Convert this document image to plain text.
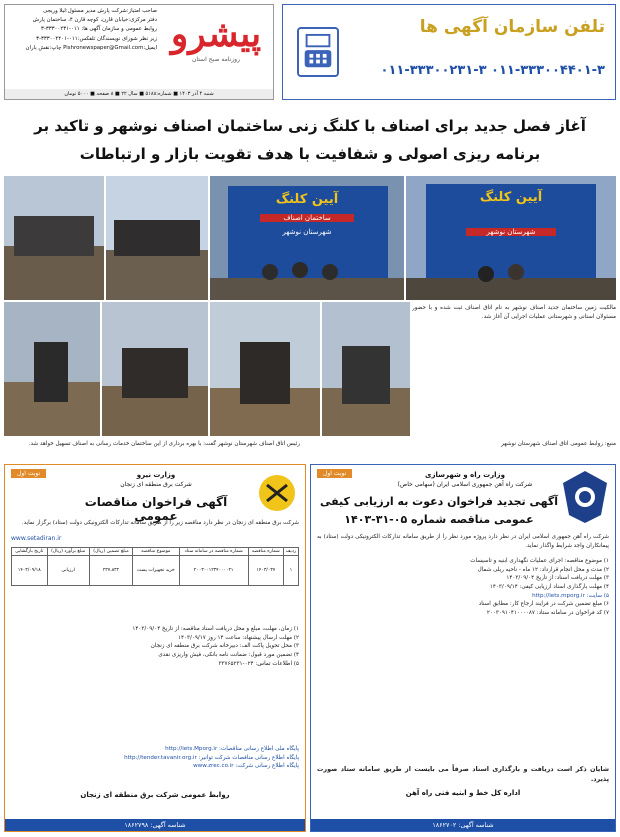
صاحب امتیاز:شرکت پارش مدیر مسئول:لیلا وریجی
دفتر مرکزی:خیابان قارن، کوچه قارن ۴، ساختمان پارش
روابط عمومی و سازمان آگهی ها: ۰۱۱-۳۳۳۰۰۲۳۱-۳
زیر نظر شورای نویسندگان تلفکس:۰۱۱-۳۳۳۰۰۴۴۰۱-۳
ایمیل:Pishronewspaper@Gmail.com چاپ:نقش باران پیشرو
روزنامه صبح استان
شنبه ۴ آذر ۱۴۰۳ ■ شماره:۵۱۸۸ ■ سال ۲۲ ■ ۸ صفحه ■ ۵۰۰۰ تومان
تلفن سازمان آگهی ها
۰۱۱-۳۳۳۰۰۲۳۱-۳ ۰۱۱-۳۳۳۰۰۴۴۰۱-۳
آغاز فصل جدید برای اصناف با کلنگ زنی ساختمان اصناف نوشهر و تاکید بر
برنامه ریزی اصولی و شفافیت با هدف تقویت بازار و ارتباطات
آیین کلنگ
ساختمان اصناف
شهرستان نوشهر
آیین کلنگ
شهرستان نوشهر
مالکیت زمین ساختمان جدید اصناف نوشهر به نام اتاق اصناف ثبت شده و با حضور مسئولان استانی و شهرستانی عملیات اجرایی آن آغاز شد.
رئیس اتاق اصناف شهرستان نوشهر گفت: با بهره برداری از این ساختمان خدمات رسانی به اصناف تسهیل خواهد شد.	منبع: روابط عمومی اتاق اصناف شهرستان نوشهر
نوبت اول	وزارت راه و شهرسازی
شرکت راه آهن جمهوری اسلامی ایران (سهامی خاص)
آگهی تجدید فراخوان دعوت به ارزیابی کیفی
عمومی مناقصه شماره ۰۵-۳۱-۱۴۰۳
شرکت راه آهن جمهوری اسلامی ایران در نظر دارد پروژه مورد نظر را از طریق سامانه تدارکات الکترونیکی دولت (ستاد) به پیمانکاران واجد شرایط واگذار نماید.
۱) موضوع مناقصه: اجرای عملیات نگهداری ابنیه و تاسیسات
۲) مدت و محل انجام قرارداد: ۱۲ ماه - ناحیه ریلی شمال
۳) مهلت دریافت اسناد: از تاریخ ۱۴۰۳/۰۹/۰۴
۴) مهلت بارگذاری اسناد ارزیابی کیفی: ۱۴۰۳/۰۹/۱۴
۵) سایت: http://iets.mporg.ir
۶) مبلغ تضمین شرکت در فرایند ارجاع کار: مطابق اسناد
۷) کد فراخوان در سامانه ستاد: ۲۰۰۳۰۹۱۰۴۱۰۰۰۰۸۷
شایان ذکر است دریافت و بارگذاری اسناد صرفاً می بایست از طریق سامانه ستاد صورت پذیرد.
اداره کل خط و ابنیه فنی راه آهن
شناسه آگهی: ۱۸۶۲۷۰۲
نوبت اول	وزارت نیرو
شرکت برق منطقه ای زنجان
آگهی فراخوان مناقصات عمومی
شرکت برق منطقه ای زنجان در نظر دارد مناقصه زیر را از طریق سامانه تدارکات الکترونیکی دولت (ستاد) برگزار نماید.
www.setadiran.ir
ردیف	شماره مناقصه	شماره مناقصه در سامانه ستاد	موضوع مناقصه	مبلغ تضمین (ریال)	مبلغ برآورد (ریال)	تاریخ بازگشایی
۱	۱۴۰۳/۰۳۷	۲۰۰۳۰۰۱۲۳۴۰۰۰۰۲۱	خرید تجهیزات پست	۲۳۷،۸۳۲	ارزیابی	۱۴۰۳/۰۹/۱۸
۱) زمان، مهلت، مبلغ و محل دریافت اسناد مناقصه: از تاریخ ۱۴۰۳/۰۹/۰۴
۲) مهلت ارسال پیشنهاد: ساعت ۱۴ روز ۱۴۰۳/۰۹/۱۷
۳) محل تحویل پاکت الف: دبیرخانه شرکت برق منطقه ای زنجان
۴) تضمین مورد قبول: ضمانت نامه بانکی، فیش واریزی نقدی
۵) اطلاعات تماس: ۰۲۴-۳۳۷۶۵۲۳۱
پایگاه ملی اطلاع رسانی مناقصات: http://iets.Mporg.ir
پایگاه اطلاع رسانی مناقصات شرکت توانیر: http://tender.tavanir.org.ir
پایگاه اطلاع رسانی شرکت: www.zrec.co.ir
روابط عمومی شرکت برق منطقه ای زنجان
شناسه آگهی: ۱۸۶۲۷۹۸
